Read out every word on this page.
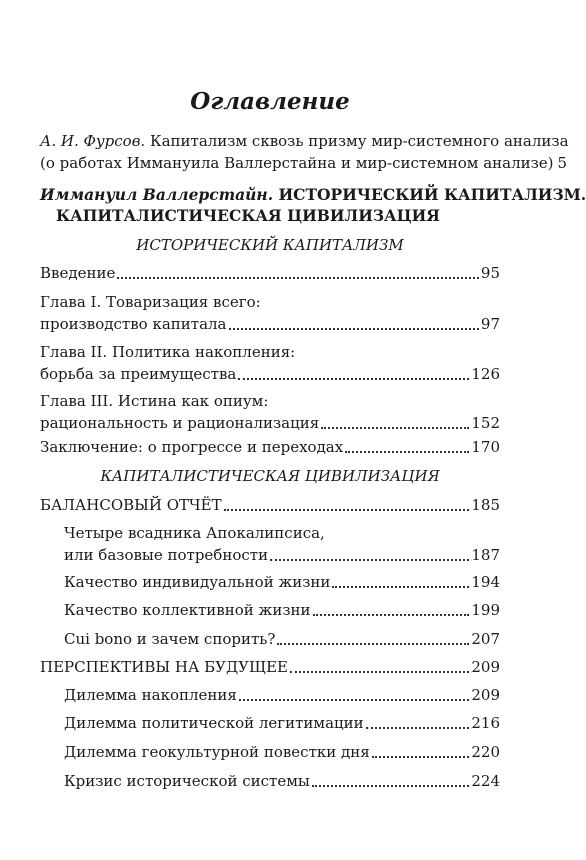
Оглавление
А. И. Фурсов. Капитализм сквозь призму мир-системного анализа
(о работах Иммануила Валлерстайна и мир-системном анализе) 5
Иммануил Валлерстайн. ИСТОРИЧЕСКИЙ КАПИТАЛИЗМ.
КАПИТАЛИСТИЧЕСКАЯ ЦИВИЛИЗАЦИЯ
ИСТОРИЧЕСКИЙ КАПИТАЛИЗМ
Введение	95
Глава I. Товаризация всего:
производство капитала	97
Глава II. Политика накопления:
борьба за преимущества	126
Глава III. Истина как опиум:
рациональность и рационализация	152
Заключение: о прогрессе и переходах	170
КАПИТАЛИСТИЧЕСКАЯ ЦИВИЛИЗАЦИЯ
БАЛАНСОВЫЙ ОТЧЁТ	185
Четыре всадника Апокалипсиса,
или базовые потребности	187
Качество индивидуальной жизни	194
Качество коллективной жизни	199
Cui bono и зачем спорить?	207
ПЕРСПЕКТИВЫ НА БУДУЩЕЕ	209
Дилемма накопления	209
Дилемма политической легитимации	216
Дилемма геокультурной повестки дня	220
Кризис исторической системы	224
